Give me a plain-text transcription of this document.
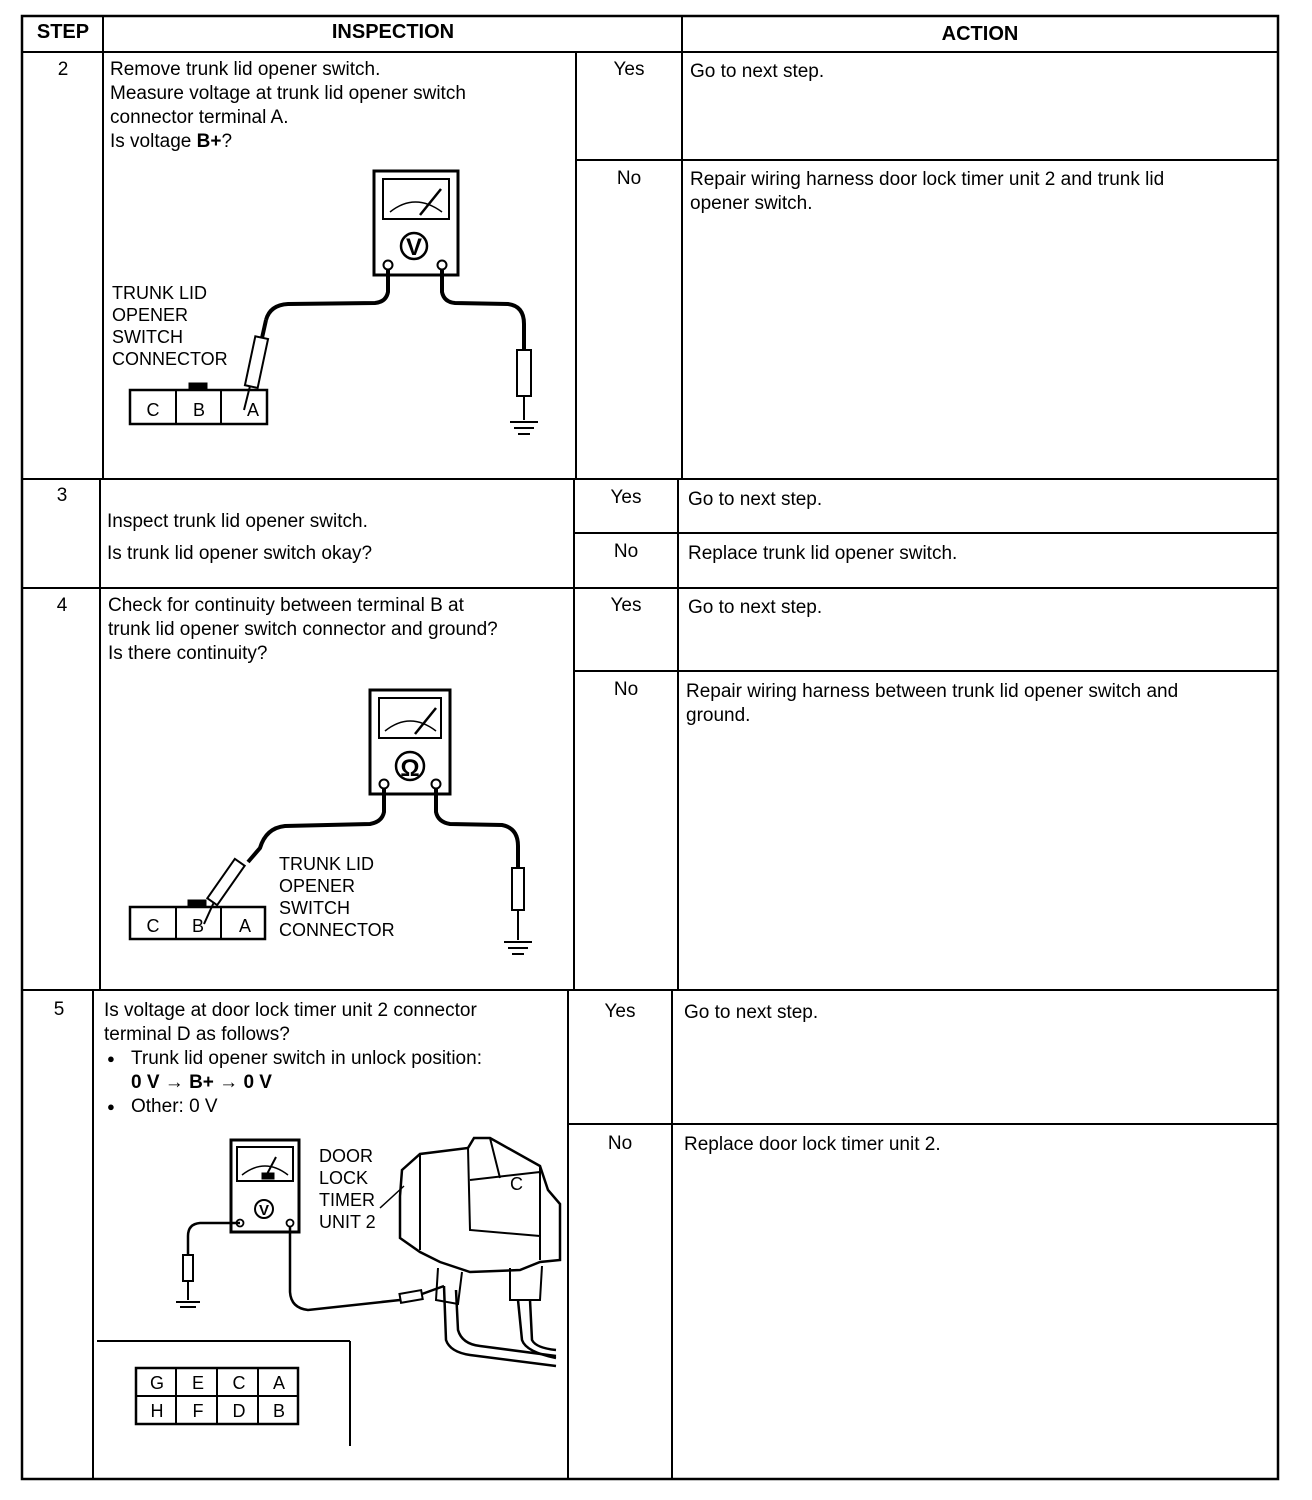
V
TRUNK LID
OPENER
SWITCH
CONNECTOR
C B A
Ω
TRUNK LID
OPENER
SWITCH
CONNECTOR
C B A
V
C
DOOR
LOCK
TIMER
UNIT 2
G E C A
H F D B
STEP	INSPECTION	ACTION
2	Remove trunk lid opener switch.
Measure voltage at trunk lid opener switch
connector terminal A.
Is voltage B+?
Yes	Go to next step.
No	Repair wiring harness door lock timer unit 2 and trunk lid
opener switch.
3
Inspect trunk lid opener switch.
Is trunk lid opener switch okay?
Yes	Go to next step.
No	Replace trunk lid opener switch.
4	Check for continuity between terminal B at
trunk lid opener switch connector and ground?
Is there continuity?
Yes	Go to next step.
No	Repair wiring harness between trunk lid opener switch and
ground.
5	Is voltage at door lock timer unit 2 connector
terminal D as follows?
● Trunk lid opener switch in unlock position:
0 V → B+ → 0 V
● Other: 0 V
Yes	Go to next step.
No	Replace door lock timer unit 2.
